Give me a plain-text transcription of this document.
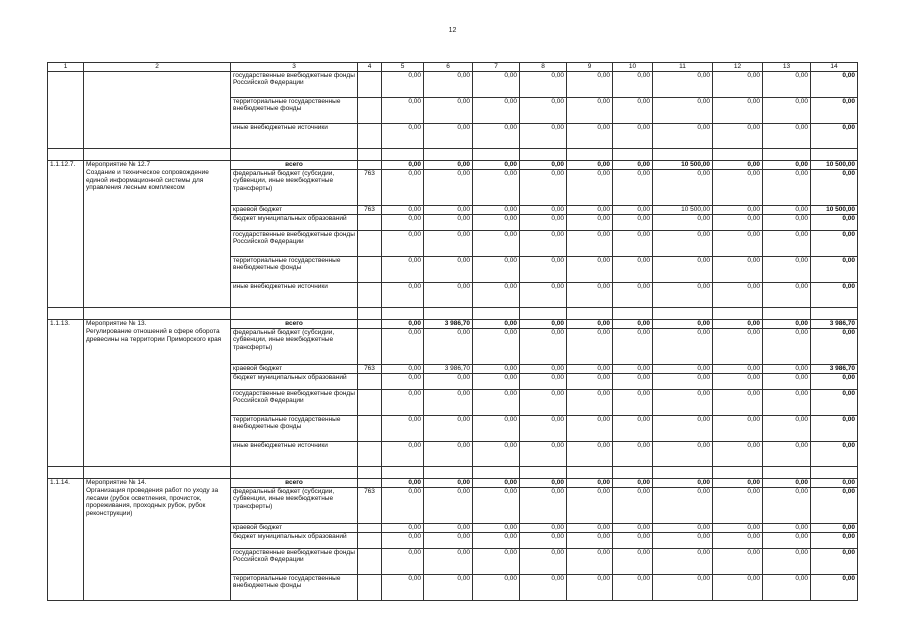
12
1	2	3	4	5	6	7	8	9	10	11	12	13	14
		государственные внебюджетные фонды Российской Федерации		0,00	0,00	0,00	0,00	0,00	0,00	0,00	0,00	0,00	0,00
		территориальные государственные внебюджетные фонды		0,00	0,00	0,00	0,00	0,00	0,00	0,00	0,00	0,00	0,00
		иные внебюджетные источники		0,00	0,00	0,00	0,00	0,00	0,00	0,00	0,00	0,00	0,00

1.1.12.7.	Мероприятие № 12.7	всего		0,00	0,00	0,00	0,00	0,00	0,00	10 500,00	0,00	0,00	10 500,00
	Создание и техническое сопровождение единой информационной системы для управления лесным комплексом	федеральный бюджет (субсидии, субвенции, иные межбюджетные трансферты)	763	0,00	0,00	0,00	0,00	0,00	0,00	0,00	0,00	0,00	0,00
		краевой бюджет	763	0,00	0,00	0,00	0,00	0,00	0,00	10 500,00	0,00	0,00	10 500,00
		бюджет муниципальных образований		0,00	0,00	0,00	0,00	0,00	0,00	0,00	0,00	0,00	0,00
		государственные внебюджетные фонды Российской Федерации		0,00	0,00	0,00	0,00	0,00	0,00	0,00	0,00	0,00	0,00
		территориальные государственные внебюджетные фонды		0,00	0,00	0,00	0,00	0,00	0,00	0,00	0,00	0,00	0,00
		иные внебюджетные источники		0,00	0,00	0,00	0,00	0,00	0,00	0,00	0,00	0,00	0,00

1.1.13.	Мероприятие № 13.	всего		0,00	3 986,70	0,00	0,00	0,00	0,00	0,00	0,00	0,00	3 986,70
	Регулирование отношений в сфере оборота древесины на территории Приморского края	федеральный бюджет (субсидии, субвенции, иные межбюджетные трансферты)		0,00	0,00	0,00	0,00	0,00	0,00	0,00	0,00	0,00	0,00
		краевой бюджет	763	0,00	3 986,70	0,00	0,00	0,00	0,00	0,00	0,00	0,00	3 986,70
		бюджет муниципальных образований		0,00	0,00	0,00	0,00	0,00	0,00	0,00	0,00	0,00	0,00
		государственные внебюджетные фонды Российской Федерации		0,00	0,00	0,00	0,00	0,00	0,00	0,00	0,00	0,00	0,00
		территориальные государственные внебюджетные фонды		0,00	0,00	0,00	0,00	0,00	0,00	0,00	0,00	0,00	0,00
		иные внебюджетные источники		0,00	0,00	0,00	0,00	0,00	0,00	0,00	0,00	0,00	0,00

1.1.14.	Мероприятие № 14.	всего		0,00	0,00	0,00	0,00	0,00	0,00	0,00	0,00	0,00	0,00
	Организация проведения работ по уходу за лесами (рубок осветления, прочисток, прореживания, проходных рубок, рубок реконструкции)	федеральный бюджет (субсидии, субвенции, иные межбюджетные трансферты)	763	0,00	0,00	0,00	0,00	0,00	0,00	0,00	0,00	0,00	0,00
		краевой бюджет		0,00	0,00	0,00	0,00	0,00	0,00	0,00	0,00	0,00	0,00
		бюджет муниципальных образований		0,00	0,00	0,00	0,00	0,00	0,00	0,00	0,00	0,00	0,00
		государственные внебюджетные фонды Российской Федерации		0,00	0,00	0,00	0,00	0,00	0,00	0,00	0,00	0,00	0,00
		территориальные государственные внебюджетные фонды		0,00	0,00	0,00	0,00	0,00	0,00	0,00	0,00	0,00	0,00
